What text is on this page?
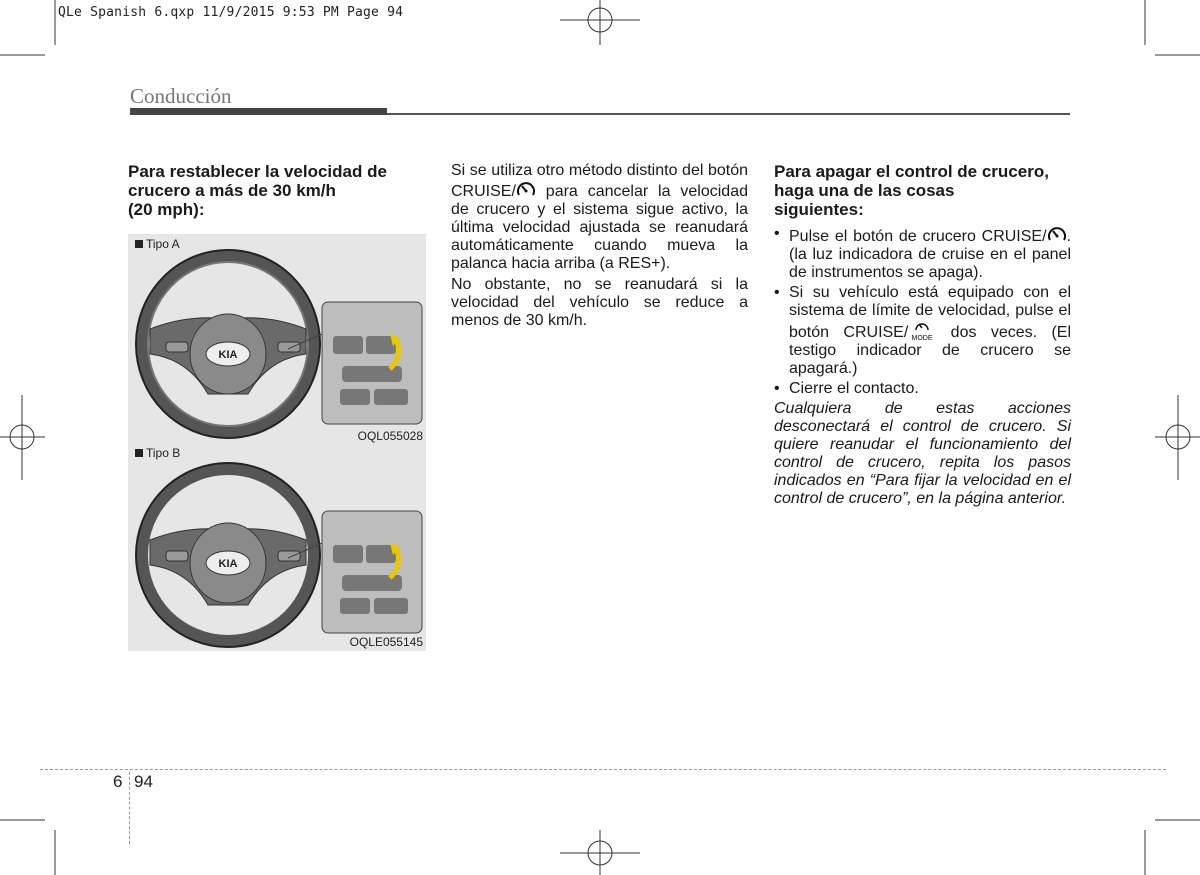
QLe Spanish 6.qxp 11/9/2015 9:53 PM Page 94
Conducción

Para restablecer la velocidad de
crucero a más de 30 km/h
(20 mph):

KIA
Tipo A
OQL055028
KIA
Tipo B
OQLE055145

Si se utiliza otro método distinto del botón CRUISE/ para cancelar la velocidad de crucero y el sistema sigue activo, la última velocidad ajustada se reanudará automáticamente cuando mueva la palanca hacia arriba (a RES+).

No obstante, no se reanudará si la velocidad del vehículo se reduce a menos de 30 km/h.

Para apagar el control de crucero,
haga una de las cosas
siguientes:

• Pulse el botón de crucero CRUISE/ . (la luz indicadora de cruise en el panel de instrumentos se apaga).
• Si su vehículo está equipado con el sistema de límite de velocidad, pulse el botón CRUISE/ MODE dos veces. (El testigo indicador de crucero se apagará.)
• Cierre el contacto.

Cualquiera de estas acciones desconectará el control de crucero. Si quiere reanudar el funcionamiento del control de crucero, repita los pasos indicados en “Para fijar la velocidad en el control de crucero”, en la página anterior.

6 94
